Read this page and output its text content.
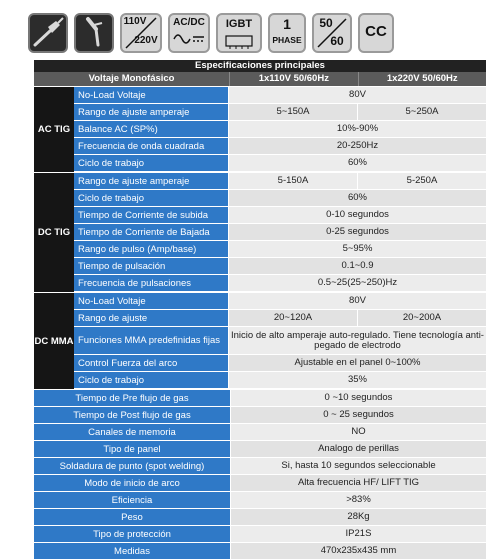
110V
220V
AC/DC	IGBT	1
PHASE
50
60
CC
Especificaciones principales
Voltaje Monofásico	1x110V 50/60Hz	1x220V 50/60Hz
AC TIG
No-Load Voltaje	80V
Rango de ajuste amperaje	5~150A	5~250A
Balance AC (SP%)	10%-90%
Frecuencia de onda cuadrada	20-250Hz
Ciclo de trabajo	60%
DC TIG
Rango de ajuste amperaje	5-150A	5-250A
Ciclo de trabajo	60%
Tiempo de Corriente de subida	0-10 segundos
Tiempo de Corriente de Bajada	0-25 segundos
Rango de pulso (Amp/base)	5~95%
Tiempo de pulsación	0.1~0.9
Frecuencia de pulsaciones	0.5~25(25~250)Hz
DC MMA
No-Load Voltaje	80V
Rango de ajuste	20~120A	20~200A
Funciones MMA predefinidas fijas	Inicio de alto amperaje auto-regulado. Tiene tecnología anti-pegado de electrodo
Control Fuerza del arco	Ajustable en el panel 0~100%
Ciclo de trabajo	35%
Tiempo de Pre flujo de gas	0 ~10 segundos
Tiempo de Post flujo de gas	0 ~ 25 segundos
Canales de memoria	NO
Tipo de panel	Analogo de perillas
Soldadura de punto (spot welding)	Si, hasta 10 segundos seleccionable
Modo de inicio de arco	Alta frecuencia HF/ LIFT TIG
Eficiencia	>83%
Peso	28Kg
Tipo de protección	IP21S
Medidas	470x235x435 mm
